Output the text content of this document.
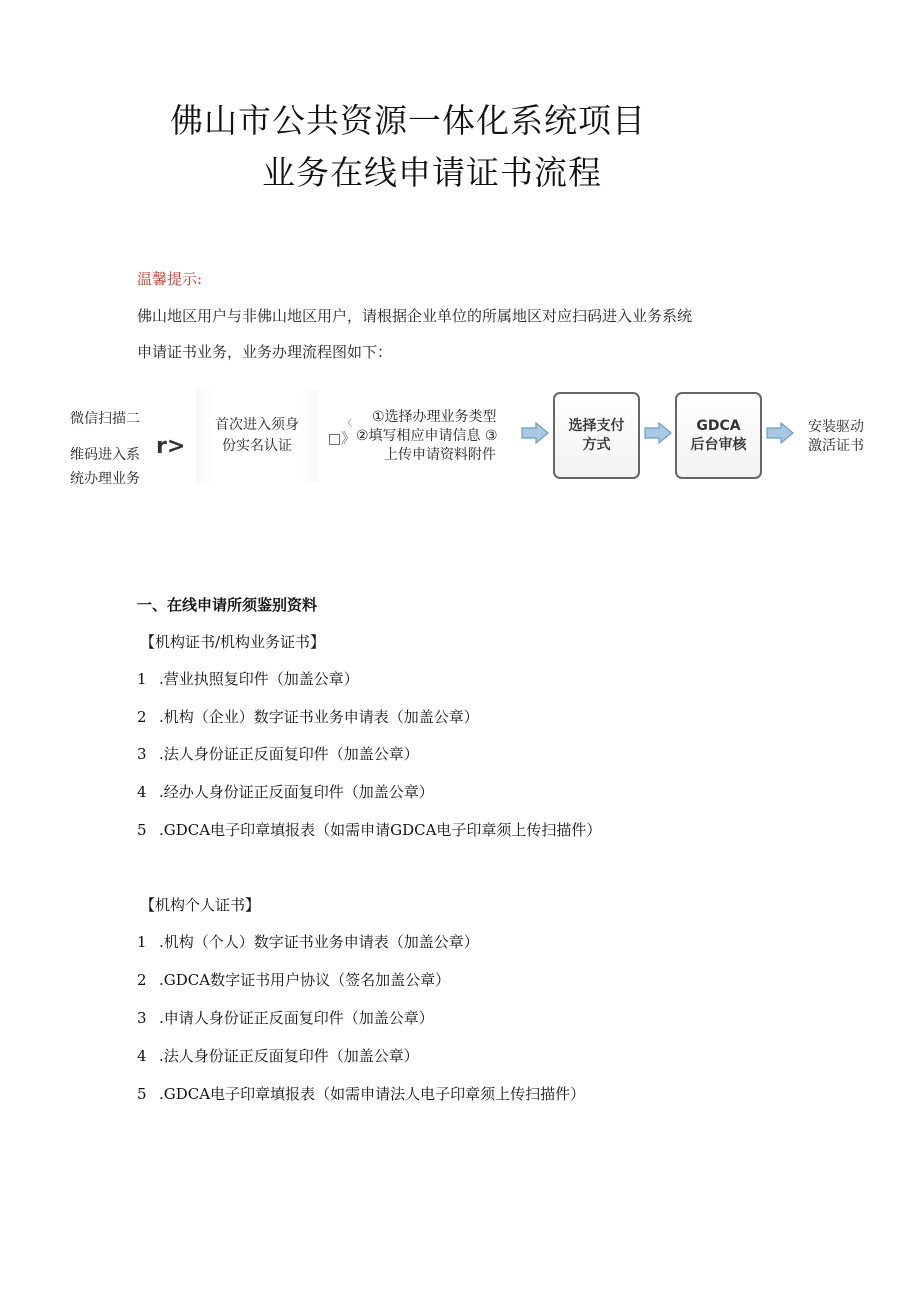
佛山市公共资源一体化系统项目
业务在线申请证书流程
温馨提示:
佛山地区用户与非佛山地区用户，请根据企业单位的所属地区对应扫码进入业务系统
申请证书业务，业务办理流程图如下：
微信扫描二
维码进入系
统办理业务
r>
首次进入须身
份实名认证
〈
□》
①选择办理业务类型
②填写相应申请信息 ③
上传申请资料附件
选择支付
方式
GDCA
后台审核
安装驱动
激活证书
一、在线申请所须鉴别资料
【机构证书/机构业务证书】
1 .营业执照复印件（加盖公章）
2 .机构（企业）数字证书业务申请表（加盖公章）
3 .法人身份证正反面复印件（加盖公章）
4 .经办人身份证正反面复印件（加盖公章）
5 .GDCA电子印章填报表（如需申请GDCA电子印章须上传扫描件）
【机构个人证书】
1 .机构（个人）数字证书业务申请表（加盖公章）
2 .GDCA数字证书用户协议（签名加盖公章）
3 .申请人身份证正反面复印件（加盖公章）
4 .法人身份证正反面复印件（加盖公章）
5 .GDCA电子印章填报表（如需申请法人电子印章须上传扫描件）
